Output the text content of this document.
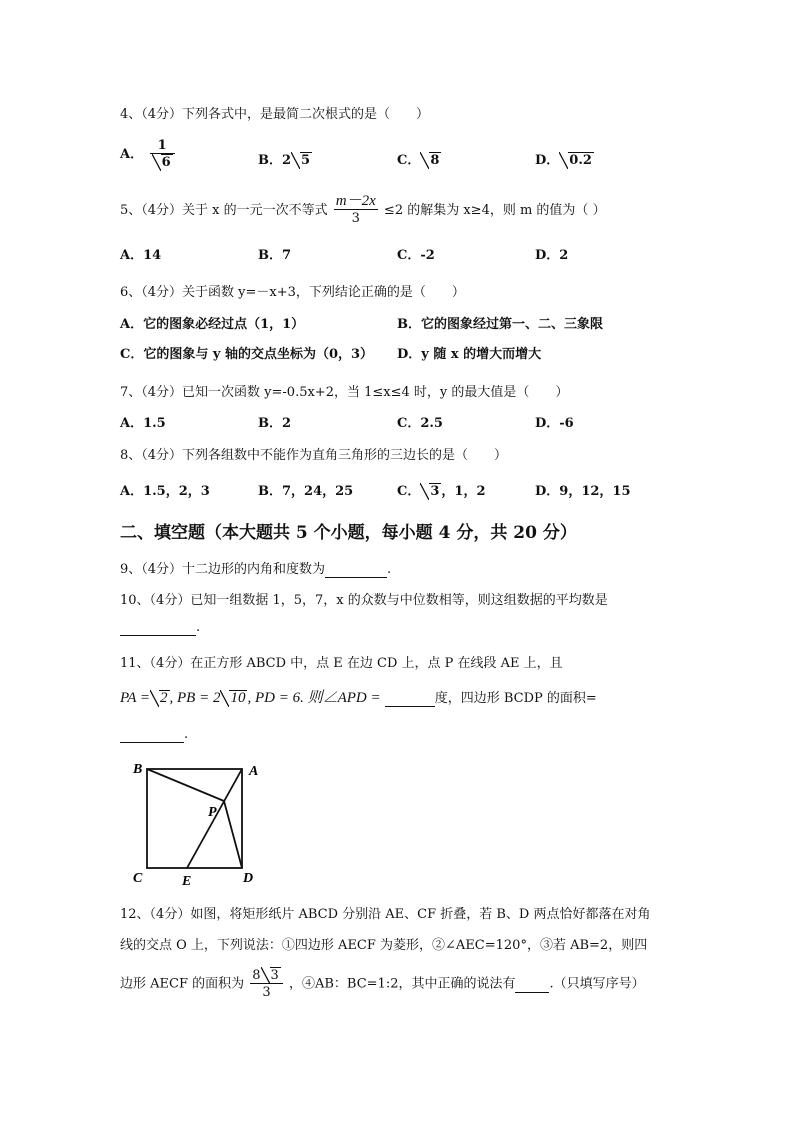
4、（4分）下列各式中，是最简二次根式的是（　　）
A． $\frac{1}{6}$	B．2 5	C． 8	D． 0.2
5、（4分）关于 x 的一元一次不等式 $\frac{m-2x}{3} \le 2$ 的解集为 x≥4，则 m 的值为（ ）
A．14	B．7	C．-2	D．2
6、（4分）关于函数 y=－x+3，下列结论正确的是（　　）
A．它的图象必经过点（1，1）	B．它的图象经过第一、二、三象限
C．它的图象与 y 轴的交点坐标为（0，3） D．y 随 x 的增大而增大
7、（4分）已知一次函数 y=-0.5x+2，当 1≤x≤4 时，y 的最大值是（　　）
A．1.5	B．2	C．2.5	D．-6
8、（4分）下列各组数中不能作为直角三角形的三边长的是（　　）
A．1.5，2，3	B．7，24，25	C． 3 ，1，2	D．9，12，15
二、填空题（本大题共 5 个小题，每小题 4 分，共 20 分）
9、（4分）十二边形的内角和度数为	.
10、（4分）已知一组数据 1，5，7，x 的众数与中位数相等，则这组数据的平均数是
.
11、（4分）在正方形 ABCD 中，点 E 在边 CD 上，点 P 在线段 AE 上，且
PA = 2 , PB = 2 10 , PD = 6. 则∠APD =	度，四边形 BCDP 的面积=
.
B	A
P
C	E	D
12、（4分）如图，将矩形纸片 ABCD 分别沿 AE、CF 折叠，若 B、D 两点恰好都落在对角
线的交点 O 上，下列说法：①四边形 AECF 为菱形，②∠AEC=120°，③若 AB=2，则四
边形 AECF 的面积为 $\frac{8 3}{3}$ ，④AB：BC=1:2，其中正确的说法有	.（只填写序号）
